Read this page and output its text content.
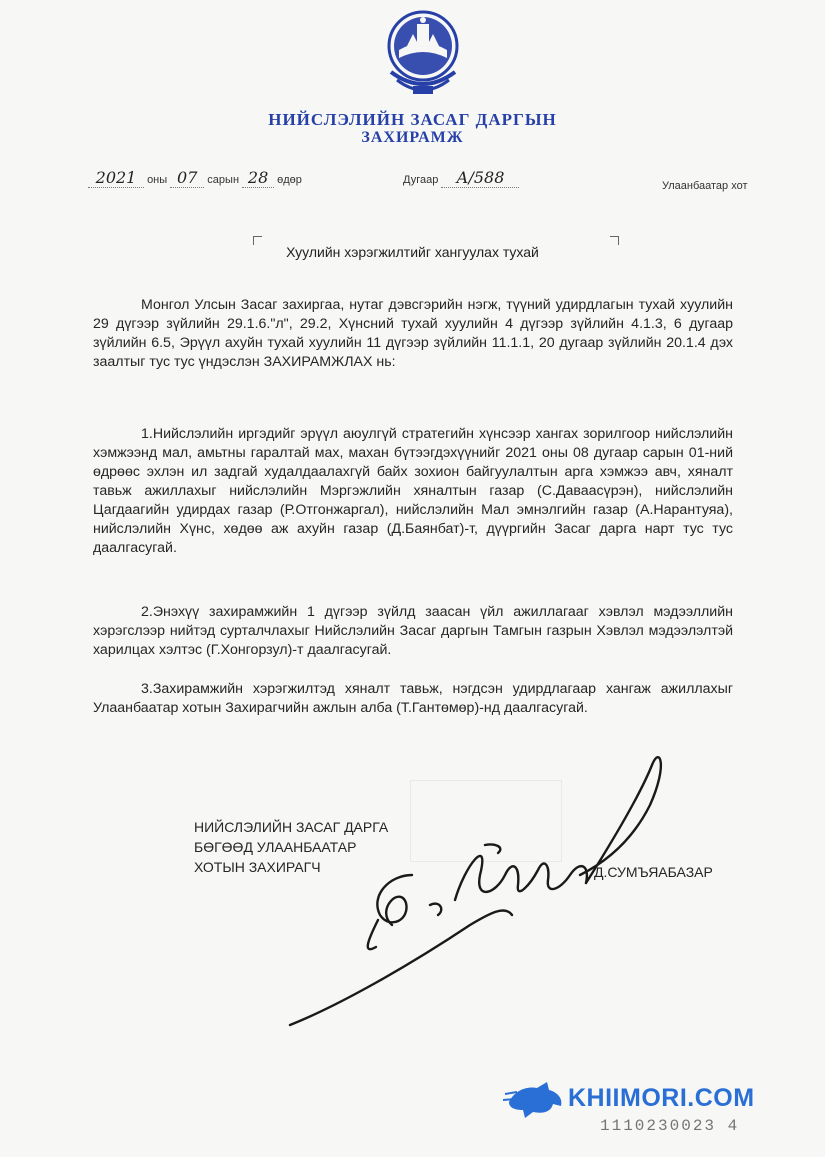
НИЙСЛЭЛИЙН ЗАСАГ ДАРГЫН
ЗАХИРАМЖ
2021 оны 07 сарын 28 өдөр	Дугаар А/588	Улаанбаатар хот
Хуулийн хэрэгжилтийг хангуулах тухай

Монгол Улсын Засаг захиргаа, нутаг дэвсгэрийн нэгж, түүний удирдлагын тухай хуулийн 29 дүгээр зүйлийн 29.1.6."л", 29.2, Хүнсний тухай хуулийн 4 дүгээр зүйлийн 4.1.3, 6 дугаар зүйлийн 6.5, Эрүүл ахуйн тухай хуулийн 11 дүгээр зүйлийн 11.1.1, 20 дугаар зүйлийн 20.1.4 дэх заалтыг тус тус үндэслэн ЗАХИРАМЖЛАХ нь:

1.Нийслэлийн иргэдийг эрүүл аюулгүй стратегийн хүнсээр хангах зорилгоор нийслэлийн хэмжээнд мал, амьтны гаралтай мах, махан бүтээгдэхүүнийг 2021 оны 08 дугаар сарын 01-ний өдрөөс эхлэн ил задгай худалдаалахгүй байх зохион байгуулалтын арга хэмжээ авч, хяналт тавьж ажиллахыг нийслэлийн Мэргэжлийн хяналтын газар (С.Даваасүрэн), нийслэлийн Цагдаагийн удирдах газар (Р.Отгонжаргал), нийслэлийн Мал эмнэлгийн газар (А.Нарантуяа), нийслэлийн Хүнс, хөдөө аж ахуйн газар (Д.Баянбат)-т, дүүргийн Засаг дарга нарт тус тус даалгасугай.

2.Энэхүү захирамжийн 1 дүгээр зүйлд заасан үйл ажиллагааг хэвлэл мэдээллийн хэрэгслээр нийтэд сурталчлахыг Нийслэлийн Засаг даргын Тамгын газрын Хэвлэл мэдээлэлтэй харилцах хэлтэс (Г.Хонгорзул)-т даалгасугай.

3.Захирамжийн хэрэгжилтэд хяналт тавьж, нэгдсэн удирдлагаар хангаж ажиллахыг Улаанбаатар хотын Захирагчийн ажлын алба (Т.Гантөмөр)-нд даалгасугай.

НИЙСЛЭЛИЙН ЗАСАГ ДАРГА
БӨГӨӨД УЛААНБААТАР
ХОТЫН ЗАХИРАГЧ	Д.СУМЪЯАБАЗАР
KHIIMORI.COM
1110230023 4
